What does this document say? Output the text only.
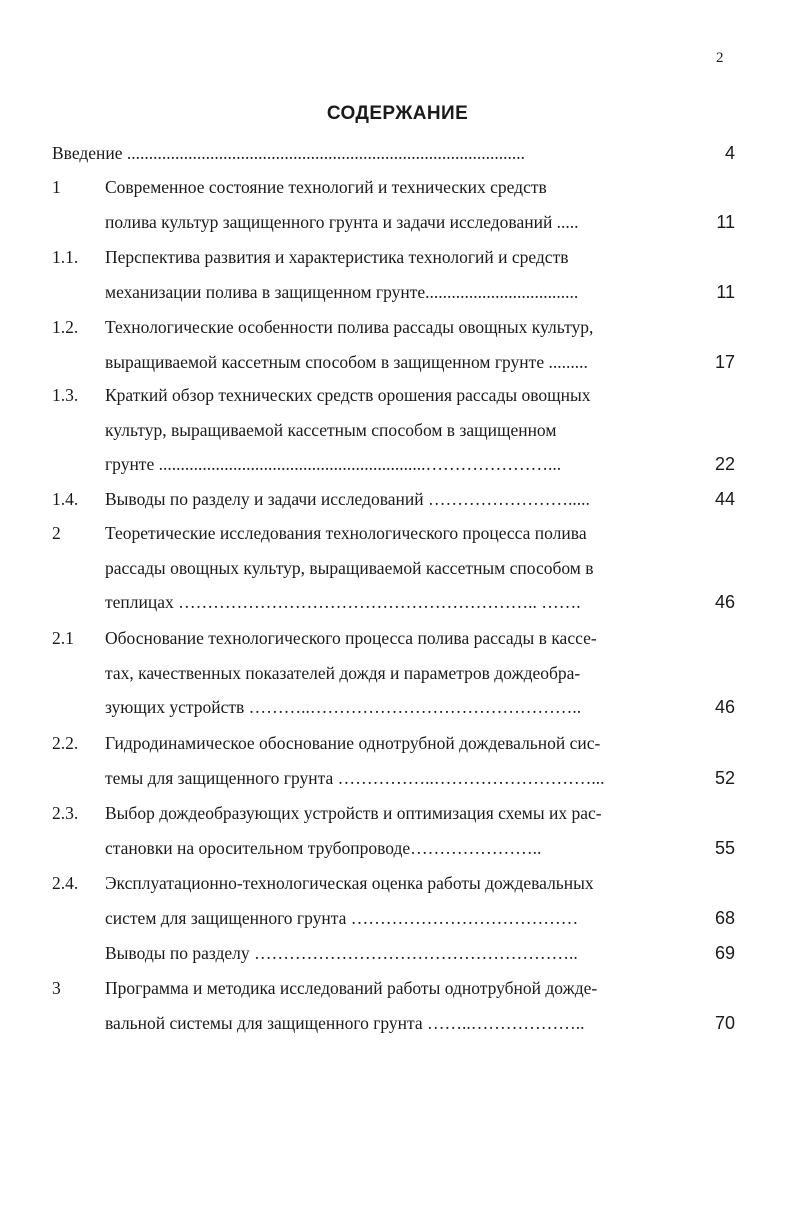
2
СОДЕРЖАНИЕ
Введение ...........................................................................................	4
1	Современное состояние технологий и технических средств
полива культур защищенного грунта и задачи исследований .....	11
1.1. Перспектива развития и характеристика технологий и средств
механизации полива в защищенном грунте...................................	11
1.2. Технологические особенности полива рассады овощных культур,
выращиваемой кассетным способом в защищенном грунте .........	17
1.3. Краткий обзор технических средств орошения рассады овощных
культур, выращиваемой кассетным способом в защищенном
грунте .............................................................…………………...	22
1.4. Выводы по разделу и задачи исследований …………………….....	44
2	Теоретические исследования технологического процесса полива
рассады овощных культур, выращиваемой кассетным способом в
теплицах …………………………………………………….. …….	46
2.1 Обоснование технологического процесса полива рассады в кассе-
тах, качественных показателей дождя и параметров дождеобра-
зующих устройств ………..………………………………………..	46
2.2. Гидродинамическое обоснование однотрубной дождевальной сис-
темы для защищенного грунта ……………..………………………...	52
2.3. Выбор дождеобразующих устройств и оптимизация схемы их рас-
становки на оросительном трубопроводе…………………..	55
2.4. Эксплуатационно-технологическая оценка работы дождевальных
систем для защищенного грунта …………………………………	68
Выводы по разделу ………………………………………………..	69
3	Программа и методика исследований работы однотрубной дожде-
вальной системы для защищенного грунта ……..………………..	70
